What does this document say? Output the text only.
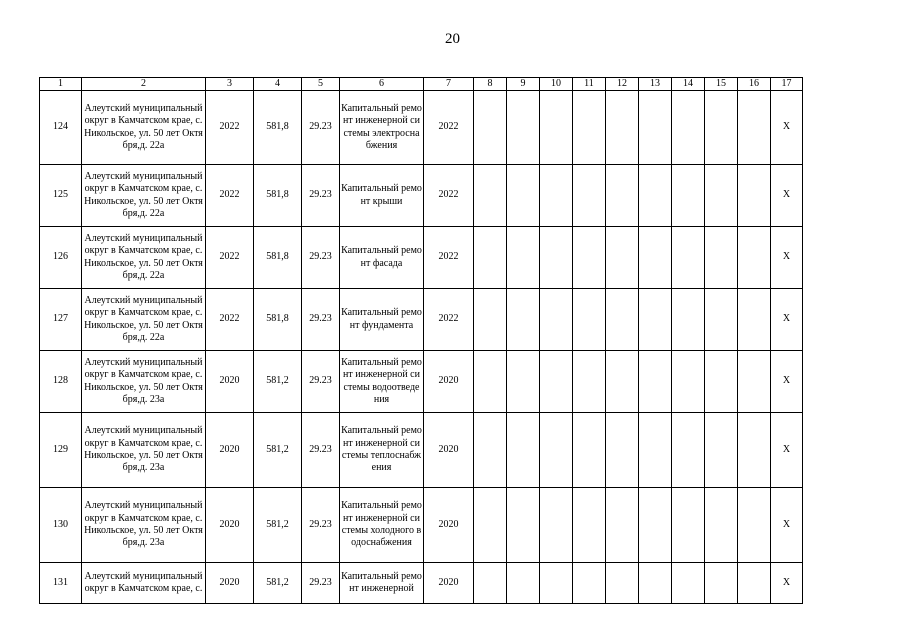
20
1	2	3	4	5	6	7	8	9	10	11	12	13	14	15	16	17

124	Алеутский муниципальный округ в Камчатском крае, с. Никольское, ул. 50 лет Октября,д. 22а	2022	581,8	29.23	Капитальный ремонт инженерной системы электроснабжения	2022										Х

125	Алеутский муниципальный округ в Камчатском крае, с. Никольское, ул. 50 лет Октября,д. 22а	2022	581,8	29.23	Капитальный ремонт крыши	2022										Х

126	Алеутский муниципальный округ в Камчатском крае, с. Никольское, ул. 50 лет Октября,д. 22а	2022	581,8	29.23	Капитальный ремонт фасада	2022										Х

127	Алеутский муниципальный округ в Камчатском крае, с. Никольское, ул. 50 лет Октября,д. 22а	2022	581,8	29.23	Капитальный ремонт фундамента	2022										Х

128	Алеутский муниципальный округ в Камчатском крае, с. Никольское, ул. 50 лет Октября,д. 23а	2020	581,2	29.23	Капитальный ремонт инженерной системы водоотведения	2020										Х

129	Алеутский муниципальный округ в Камчатском крае, с. Никольское, ул. 50 лет Октября,д. 23а	2020	581,2	29.23	Капитальный ремонт инженерной системы теплоснабжения	2020										Х

130	Алеутский муниципальный округ в Камчатском крае, с. Никольское, ул. 50 лет Октября,д. 23а	2020	581,2	29.23	Капитальный ремонт инженерной системы холодного водоснабжения	2020										Х

131	Алеутский муниципальный округ в Камчатском крае, с.	2020	581,2	29.23	Капитальный ремонт инженерной	2020										Х
